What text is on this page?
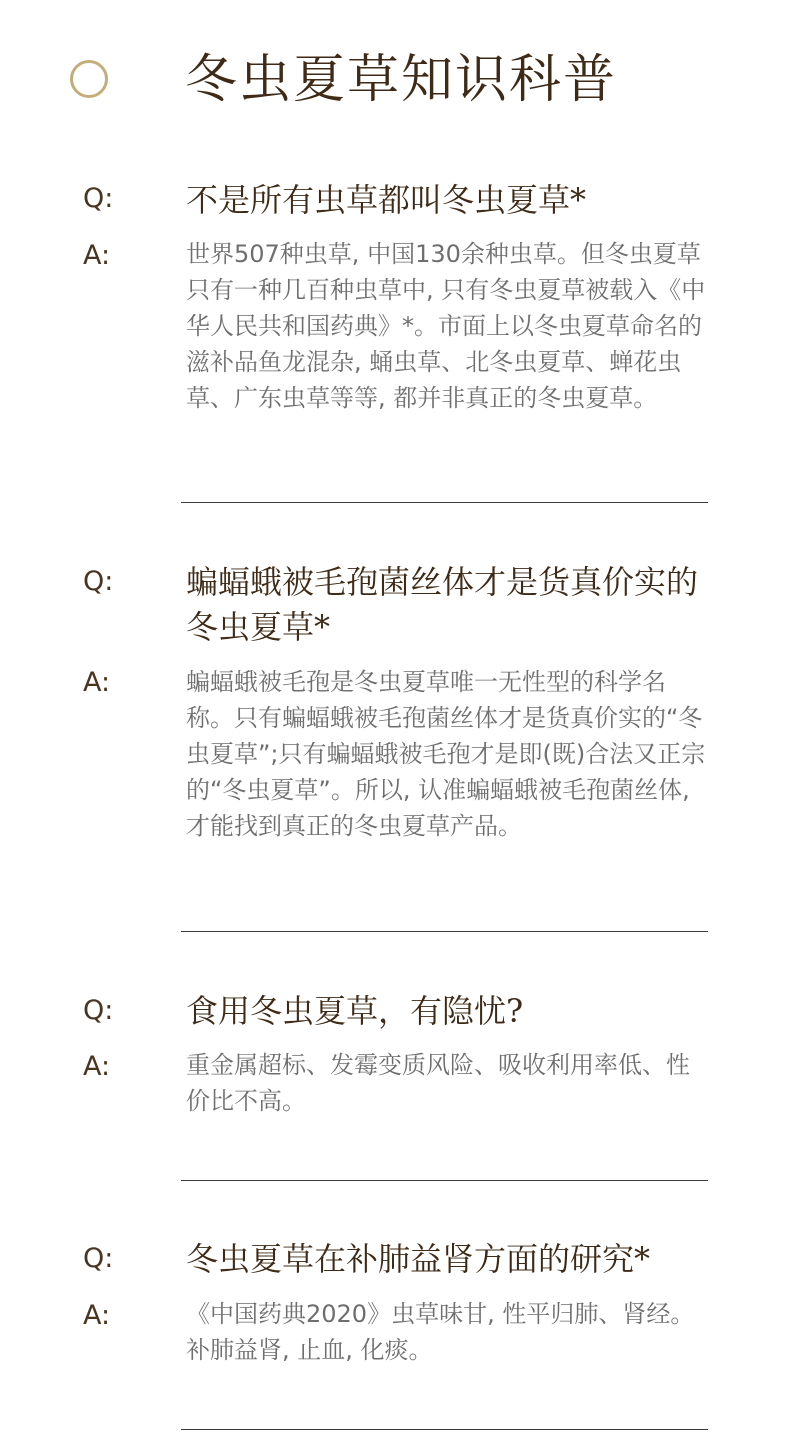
冬虫夏草知识科普
Q: 不是所有虫草都叫冬虫夏草*
A:	世界507种虫草, 中国130余种虫草。但冬虫夏草只有一种几百种虫草中, 只有冬虫夏草被载入《中华人民共和国药典》*。市面上以冬虫夏草命名的滋补品鱼龙混杂, 蛹虫草、北冬虫夏草、蝉花虫草、广东虫草等等, 都并非真正的冬虫夏草。
Q: 蝙蝠蛾被毛孢菌丝体才是货真价实的冬虫夏草*
A:	蝙蝠蛾被毛孢是冬虫夏草唯一无性型的科学名称。只有蝙蝠蛾被毛孢菌丝体才是货真价实的“冬虫夏草”;只有蝙蝠蛾被毛孢才是即(既)合法又正宗的“冬虫夏草”。所以, 认准蝙蝠蛾被毛孢菌丝体, 才能找到真正的冬虫夏草产品。
Q: 食用冬虫夏草，有隐忧?
A:	重金属超标、发霉变质风险、吸收利用率低、性价比不高。
Q: 冬虫夏草在补肺益肾方面的研究*
A:	《中国药典2020》虫草味甘, 性平归肺、肾经。补肺益肾, 止血, 化痰。
